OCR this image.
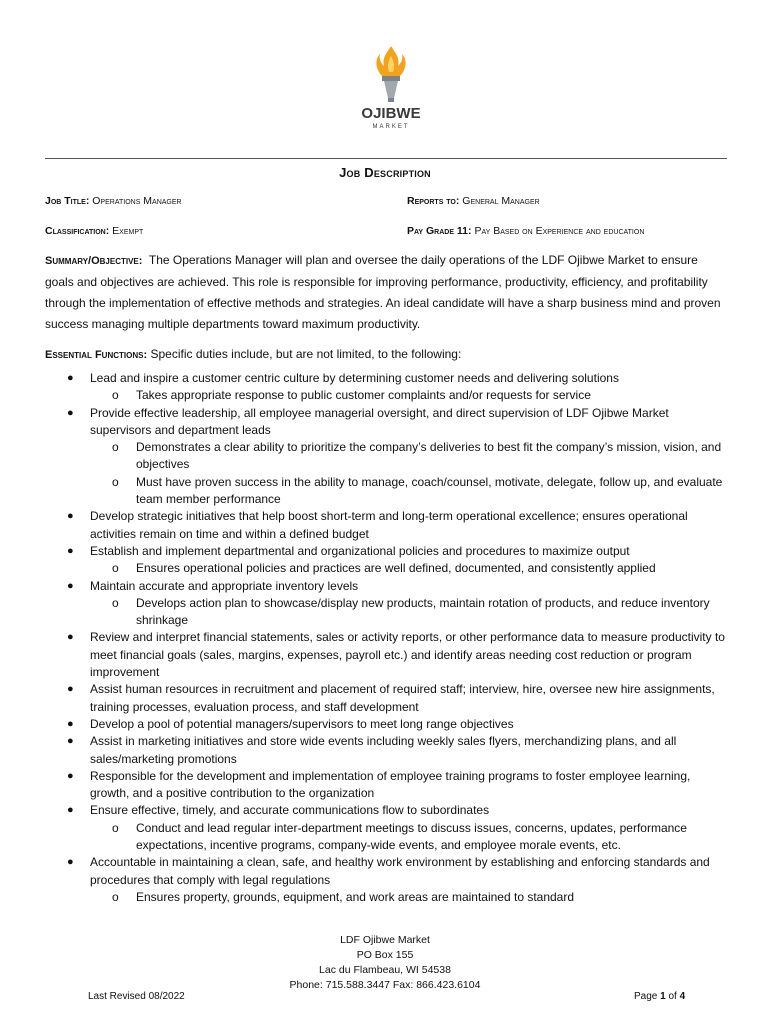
OJIBWE
MARKET
Job Description
Job Title: Operations Manager	Reports to: General Manager
Classification: Exempt	Pay Grade 11: Pay Based on Experience and education

Summary/Objective: The Operations Manager will plan and oversee the daily operations of the LDF Ojibwe Market to ensure goals and objectives are achieved. This role is responsible for improving performance, productivity, efficiency, and profitability through the implementation of effective methods and strategies. An ideal candidate will have a sharp business mind and proven success managing multiple departments toward maximum productivity.

Essential Functions: Specific duties include, but are not limited, to the following:
● Lead and inspire a customer centric culture by determining customer needs and delivering solutions
o Takes appropriate response to public customer complaints and/or requests for service
● Provide effective leadership, all employee managerial oversight, and direct supervision of LDF Ojibwe Market supervisors and department leads
o Demonstrates a clear ability to prioritize the company’s deliveries to best fit the company’s mission, vision, and objectives
o Must have proven success in the ability to manage, coach/counsel, motivate, delegate, follow up, and evaluate team member performance
● Develop strategic initiatives that help boost short-term and long-term operational excellence; ensures operational activities remain on time and within a defined budget
● Establish and implement departmental and organizational policies and procedures to maximize output
o Ensures operational policies and practices are well defined, documented, and consistently applied
● Maintain accurate and appropriate inventory levels
o Develops action plan to showcase/display new products, maintain rotation of products, and reduce inventory shrinkage
● Review and interpret financial statements, sales or activity reports, or other performance data to measure productivity to meet financial goals (sales, margins, expenses, payroll etc.) and identify areas needing cost reduction or program improvement
● Assist human resources in recruitment and placement of required staff; interview, hire, oversee new hire assignments, training processes, evaluation process, and staff development
● Develop a pool of potential managers/supervisors to meet long range objectives
● Assist in marketing initiatives and store wide events including weekly sales flyers, merchandizing plans, and all sales/marketing promotions
● Responsible for the development and implementation of employee training programs to foster employee learning, growth, and a positive contribution to the organization
● Ensure effective, timely, and accurate communications flow to subordinates
o Conduct and lead regular inter-department meetings to discuss issues, concerns, updates, performance expectations, incentive programs, company-wide events, and employee morale events, etc.
● Accountable in maintaining a clean, safe, and healthy work environment by establishing and enforcing standards and procedures that comply with legal regulations
o Ensures property, grounds, equipment, and work areas are maintained to standard
LDF Ojibwe Market
PO Box 155
Lac du Flambeau, WI 54538
Phone: 715.588.3447 Fax: 866.423.6104
Last Revised 08/2022	Page 1 of 4
